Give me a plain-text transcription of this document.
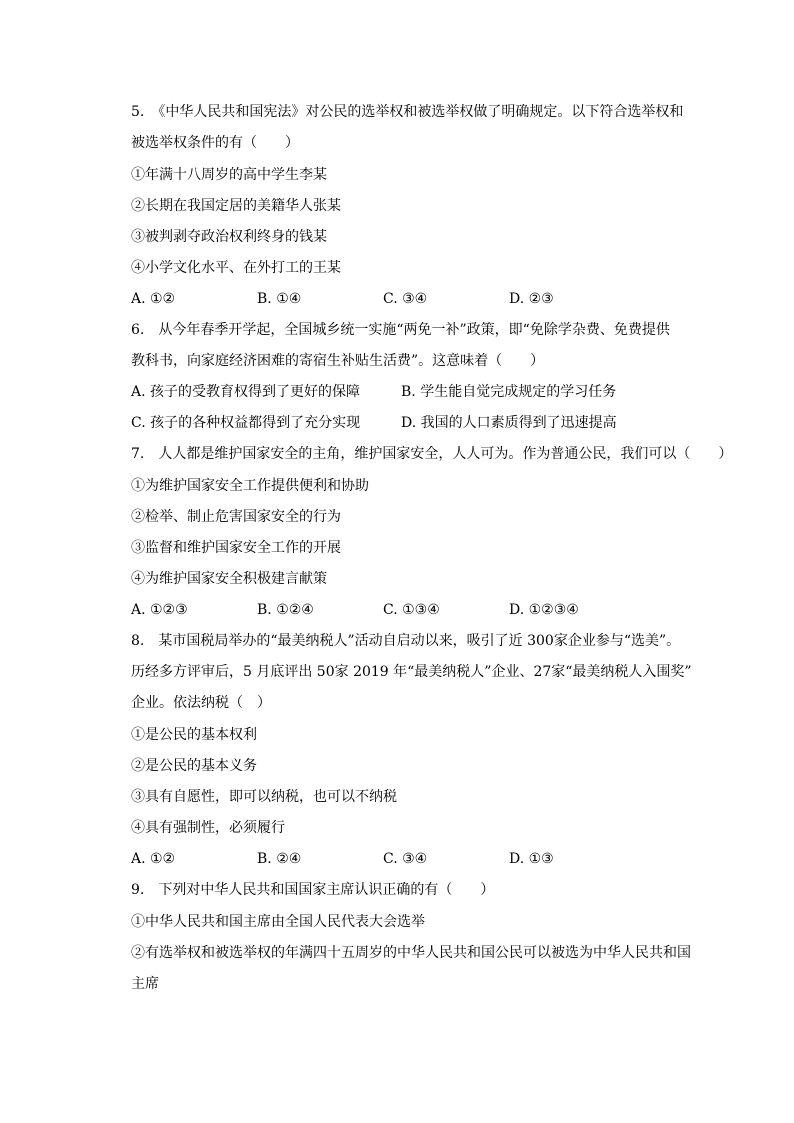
5.　《中华人民共和国宪法》对公民的选举权和被选举权做了明确规定。以下符合选举权和
被选举权条件的有（　　）
①年满十八周岁的高中学生李某
②长期在我国定居的美籍华人张某
③被判剥夺政治权利终身的钱某
④小学文化水平、在外打工的王某
A. ①②	B. ①④	C. ③④	D. ②③
6.　从今年春季开学起，全国城乡统一实施“两免一补”政策，即“免除学杂费、免费提供
教科书，向家庭经济困难的寄宿生补贴生活费”。这意味着（　　）
A. 孩子的受教育权得到了更好的保障	B. 学生能自觉完成规定的学习任务
C. 孩子的各种权益都得到了充分实现	D. 我国的人口素质得到了迅速提高
7.　人人都是维护国家安全的主角，维护国家安全，人人可为。作为普通公民，我们可以（　　）
①为维护国家安全工作提供便利和协助
②检举、制止危害国家安全的行为
③监督和维护国家安全工作的开展
④为维护国家安全积极建言献策
A. ①②③	B. ①②④	C. ①③④	D. ①②③④
8.　某市国税局举办的“最美纳税人”活动自启动以来，吸引了近 300家企业参与“选美”。
历经多方评审后，5 月底评出 50家 2019 年“最美纳税人”企业、27家“最美纳税人入围奖”
企业。依法纳税（　）
①是公民的基本权利
②是公民的基本义务
③具有自愿性，即可以纳税，也可以不纳税
④具有强制性，必须履行
A. ①②	B. ②④	C. ③④	D. ①③
9.　下列对中华人民共和国国家主席认识正确的有（　　）
①中华人民共和国主席由全国人民代表大会选举
②有选举权和被选举权的年满四十五周岁的中华人民共和国公民可以被选为中华人民共和国
主席
